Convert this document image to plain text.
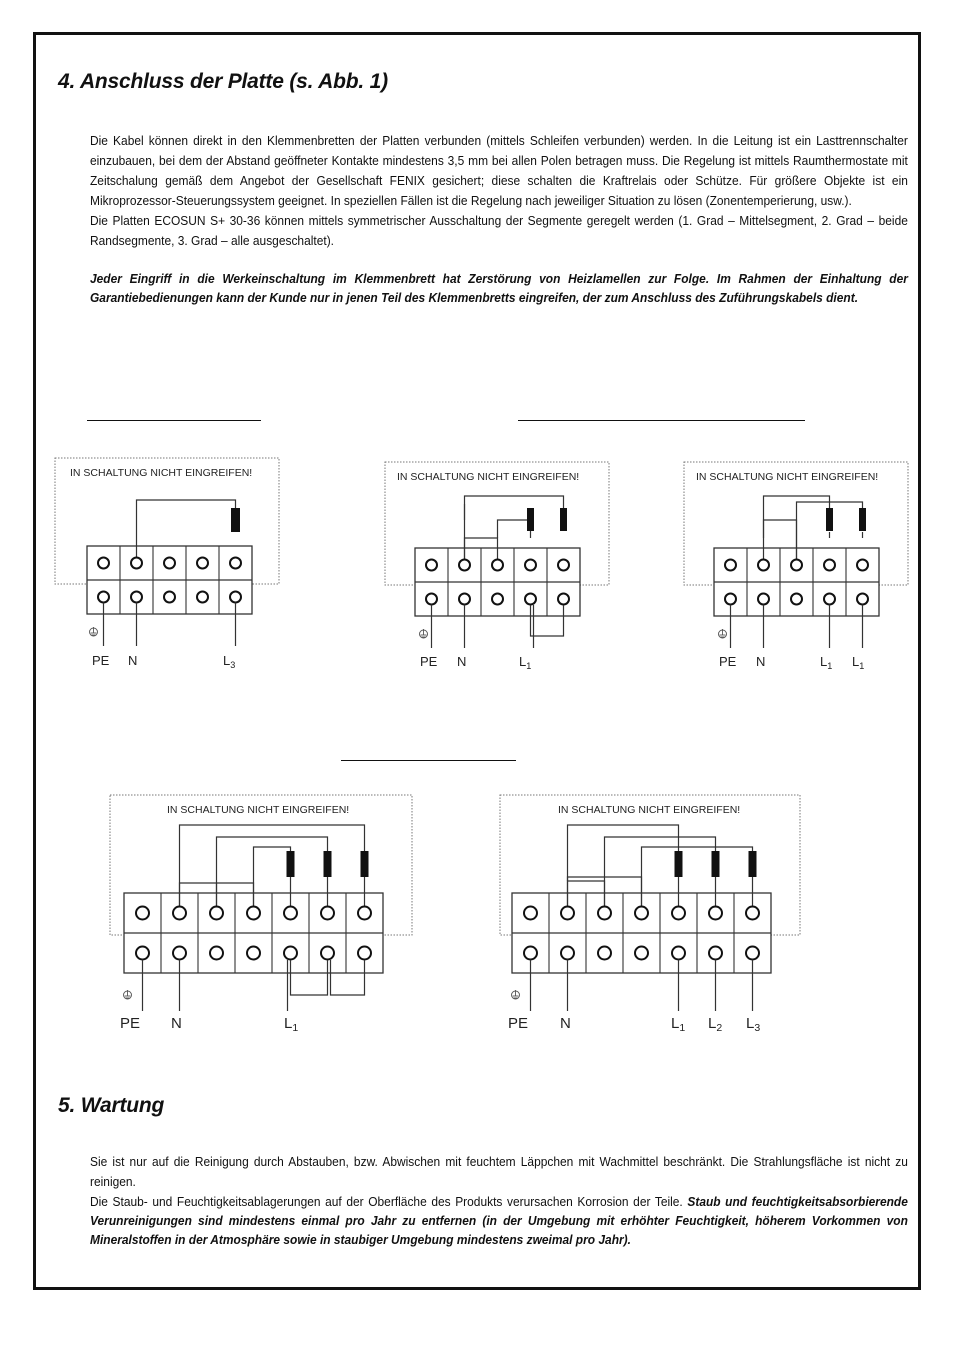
4. Anschluss der Platte (s. Abb. 1)
Die Kabel können direkt in den Klemmenbretten der Platten verbunden (mittels Schleifen verbunden) werden. In die Leitung ist ein Lasttrennschalter einzubauen, bei dem der Abstand geöffneter Kontakte mindestens 3,5 mm bei allen Polen betragen muss. Die Regelung ist mittels Raumthermostate mit Zeitschalung gemäß dem Angebot der Gesellschaft FENIX gesichert; diese schalten die Kraftrelais oder Schütze. Für größere Objekte ist ein Mikroprozessor-Steuerungssystem geeignet. In speziellen Fällen ist die Regelung nach jeweiliger Situation zu lösen (Zonentemperierung, usw.).
Die Platten ECOSUN S+ 30-36 können mittels symmetrischer Ausschaltung der Segmente geregelt werden (1. Grad – Mittelsegment, 2. Grad – beide Randsegmente, 3. Grad – alle ausgeschaltet).
Jeder Eingriff in die Werkeinschaltung im Klemmenbrett hat Zerstörung von Heizlamellen zur Folge. Im Rahmen der Einhaltung der Garantiebedienungen kann der Kunde nur in jenen Teil des Klemmenbretts eingreifen, der zum Anschluss des Zuführungskabels dient.
IN SCHALTUNG NICHT EINGREIFEN!
PE N	$L_3$
IN SCHALTUNG NICHT EINGREIFEN!
PE N	$L_1$
IN SCHALTUNG NICHT EINGREIFEN!
PE N	$L_1$ $L_1$
IN SCHALTUNG NICHT EINGREIFEN!
PE N	$L_1$
IN SCHALTUNG NICHT EINGREIFEN!
PE N	$L_1$ $L_2$ $L_3$
5. Wartung
Sie ist nur auf die Reinigung durch Abstauben, bzw. Abwischen mit feuchtem Läppchen mit Wachmittel beschränkt. Die Strahlungsfläche ist nicht zu reinigen.
Die Staub- und Feuchtigkeitsablagerungen auf der Oberfläche des Produkts verursachen Korrosion der Teile. Staub und feuchtigkeitsabsorbierende Verunreinigungen sind mindestens einmal pro Jahr zu entfernen (in der Umgebung mit erhöhter Feuchtigkeit, höherem Vorkommen von Mineralstoffen in der Atmosphäre sowie in staubiger Umgebung mindestens zweimal pro Jahr).
